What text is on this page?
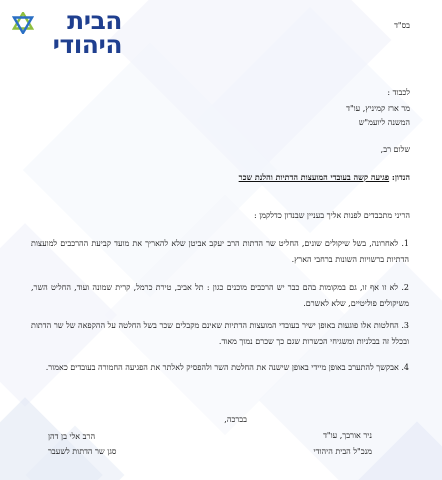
הבית
היהודי
בס"ד
לכבוד :
מר ארז קמיניץ, עו"ד
המשנה ליועמ"ש
שלום רב,
הנדון: פגיעה קשה בעובדי המועצות הדתיות והלנת שכר
הריני מתכבדים לפנות אליך בעניין שבנדון כדלקמן :
1. לאחרונה, בשל שיקולים שונים, החליט שר הדתות הרב יעקב אביטן שלא להאריך את מועד קביעת ההרכבים למועצות הדתיות ברשויות השונות ברחבי הארץ.
2. לא זו אף זו, גם במקומות בהם כבר יש הרכבים מוכנים כגון : תל אביב, טירת כרמל, קרית שמונה ועוד, החליט השר, משיקולים פוליטיים, שלא לאשרם.
3. החלטות אלו פוגעות באופן ישיר בעובדי המועצות הדתיות שאינם מקבלים שכר בשל החלטה על ההקפאה של שר הדתות ובכלל זה בבלניות ומשגיחי הכשרות שגם כך שכרם נמוך מאוד.
4. אבקשך להתערב באופן מיידי באופן שישנה את החלטת השר ולהפסיק לאלתר את הפגיעה החמורה בעובדים כאמור.
בברכה,
ניר אורבך, עו"ד
מנכ"ל הבית היהודי
הרב אלי בן דהן
סגן שר הדתות לשעבר
